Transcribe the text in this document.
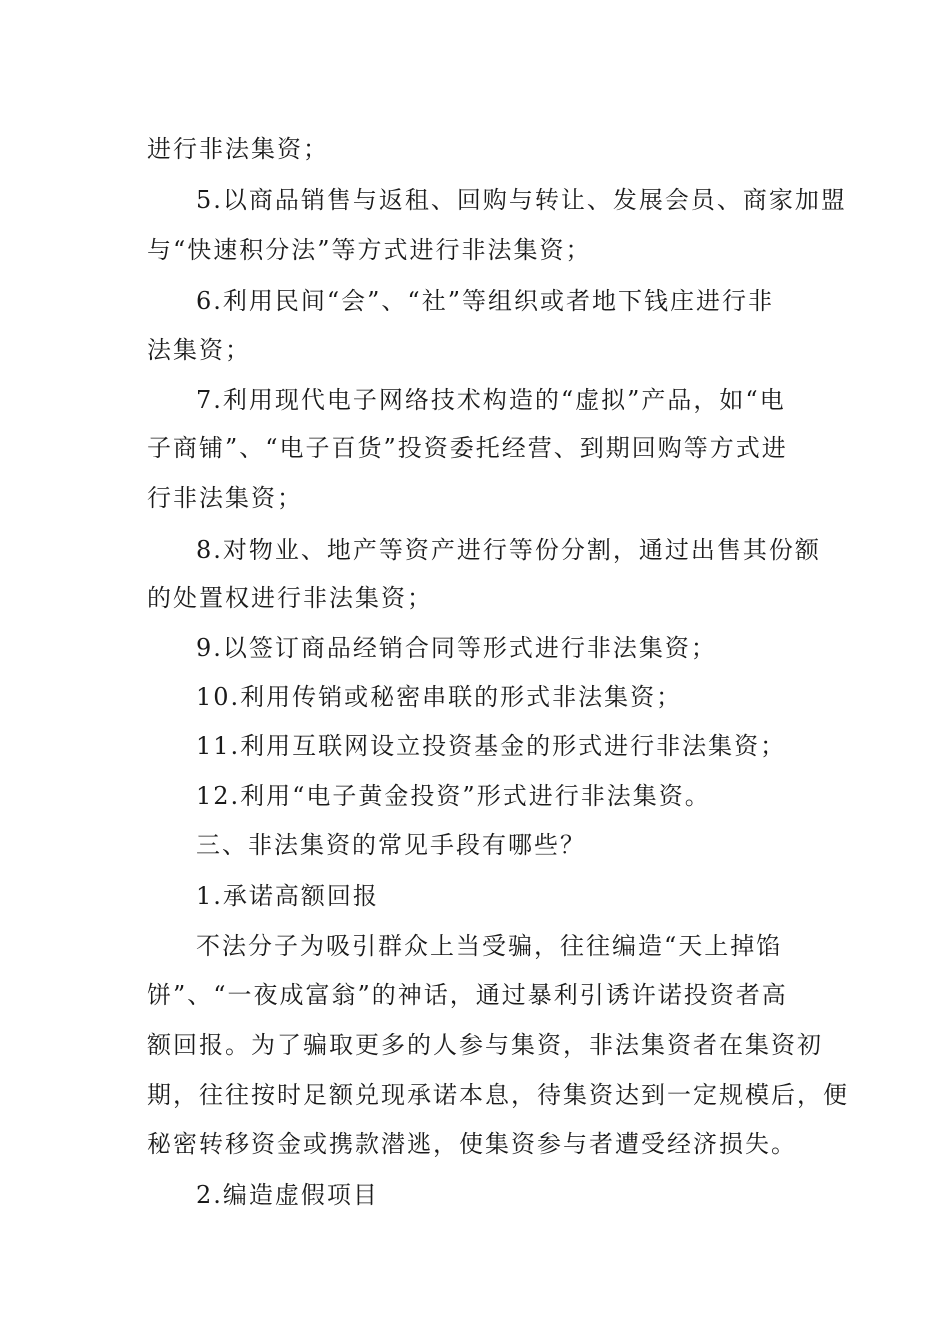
进行非法集资；
5.以商品销售与返租、回购与转让、发展会员、商家加盟
与“快速积分法”等方式进行非法集资；
6.利用民间“会”、“社”等组织或者地下钱庄进行非
法集资；
7.利用现代电子网络技术构造的“虚拟”产品，如“电
子商铺”、“电子百货”投资委托经营、到期回购等方式进
行非法集资；
8.对物业、地产等资产进行等份分割，通过出售其份额
的处置权进行非法集资；
9.以签订商品经销合同等形式进行非法集资；
10.利用传销或秘密串联的形式非法集资；
11.利用互联网设立投资基金的形式进行非法集资；
12.利用“电子黄金投资”形式进行非法集资。
三、非法集资的常见手段有哪些？
1.承诺高额回报
不法分子为吸引群众上当受骗，往往编造“天上掉馅
饼”、“一夜成富翁”的神话，通过暴利引诱许诺投资者高
额回报。为了骗取更多的人参与集资，非法集资者在集资初
期，往往按时足额兑现承诺本息，待集资达到一定规模后，便
秘密转移资金或携款潜逃，使集资参与者遭受经济损失。
2.编造虚假项目
